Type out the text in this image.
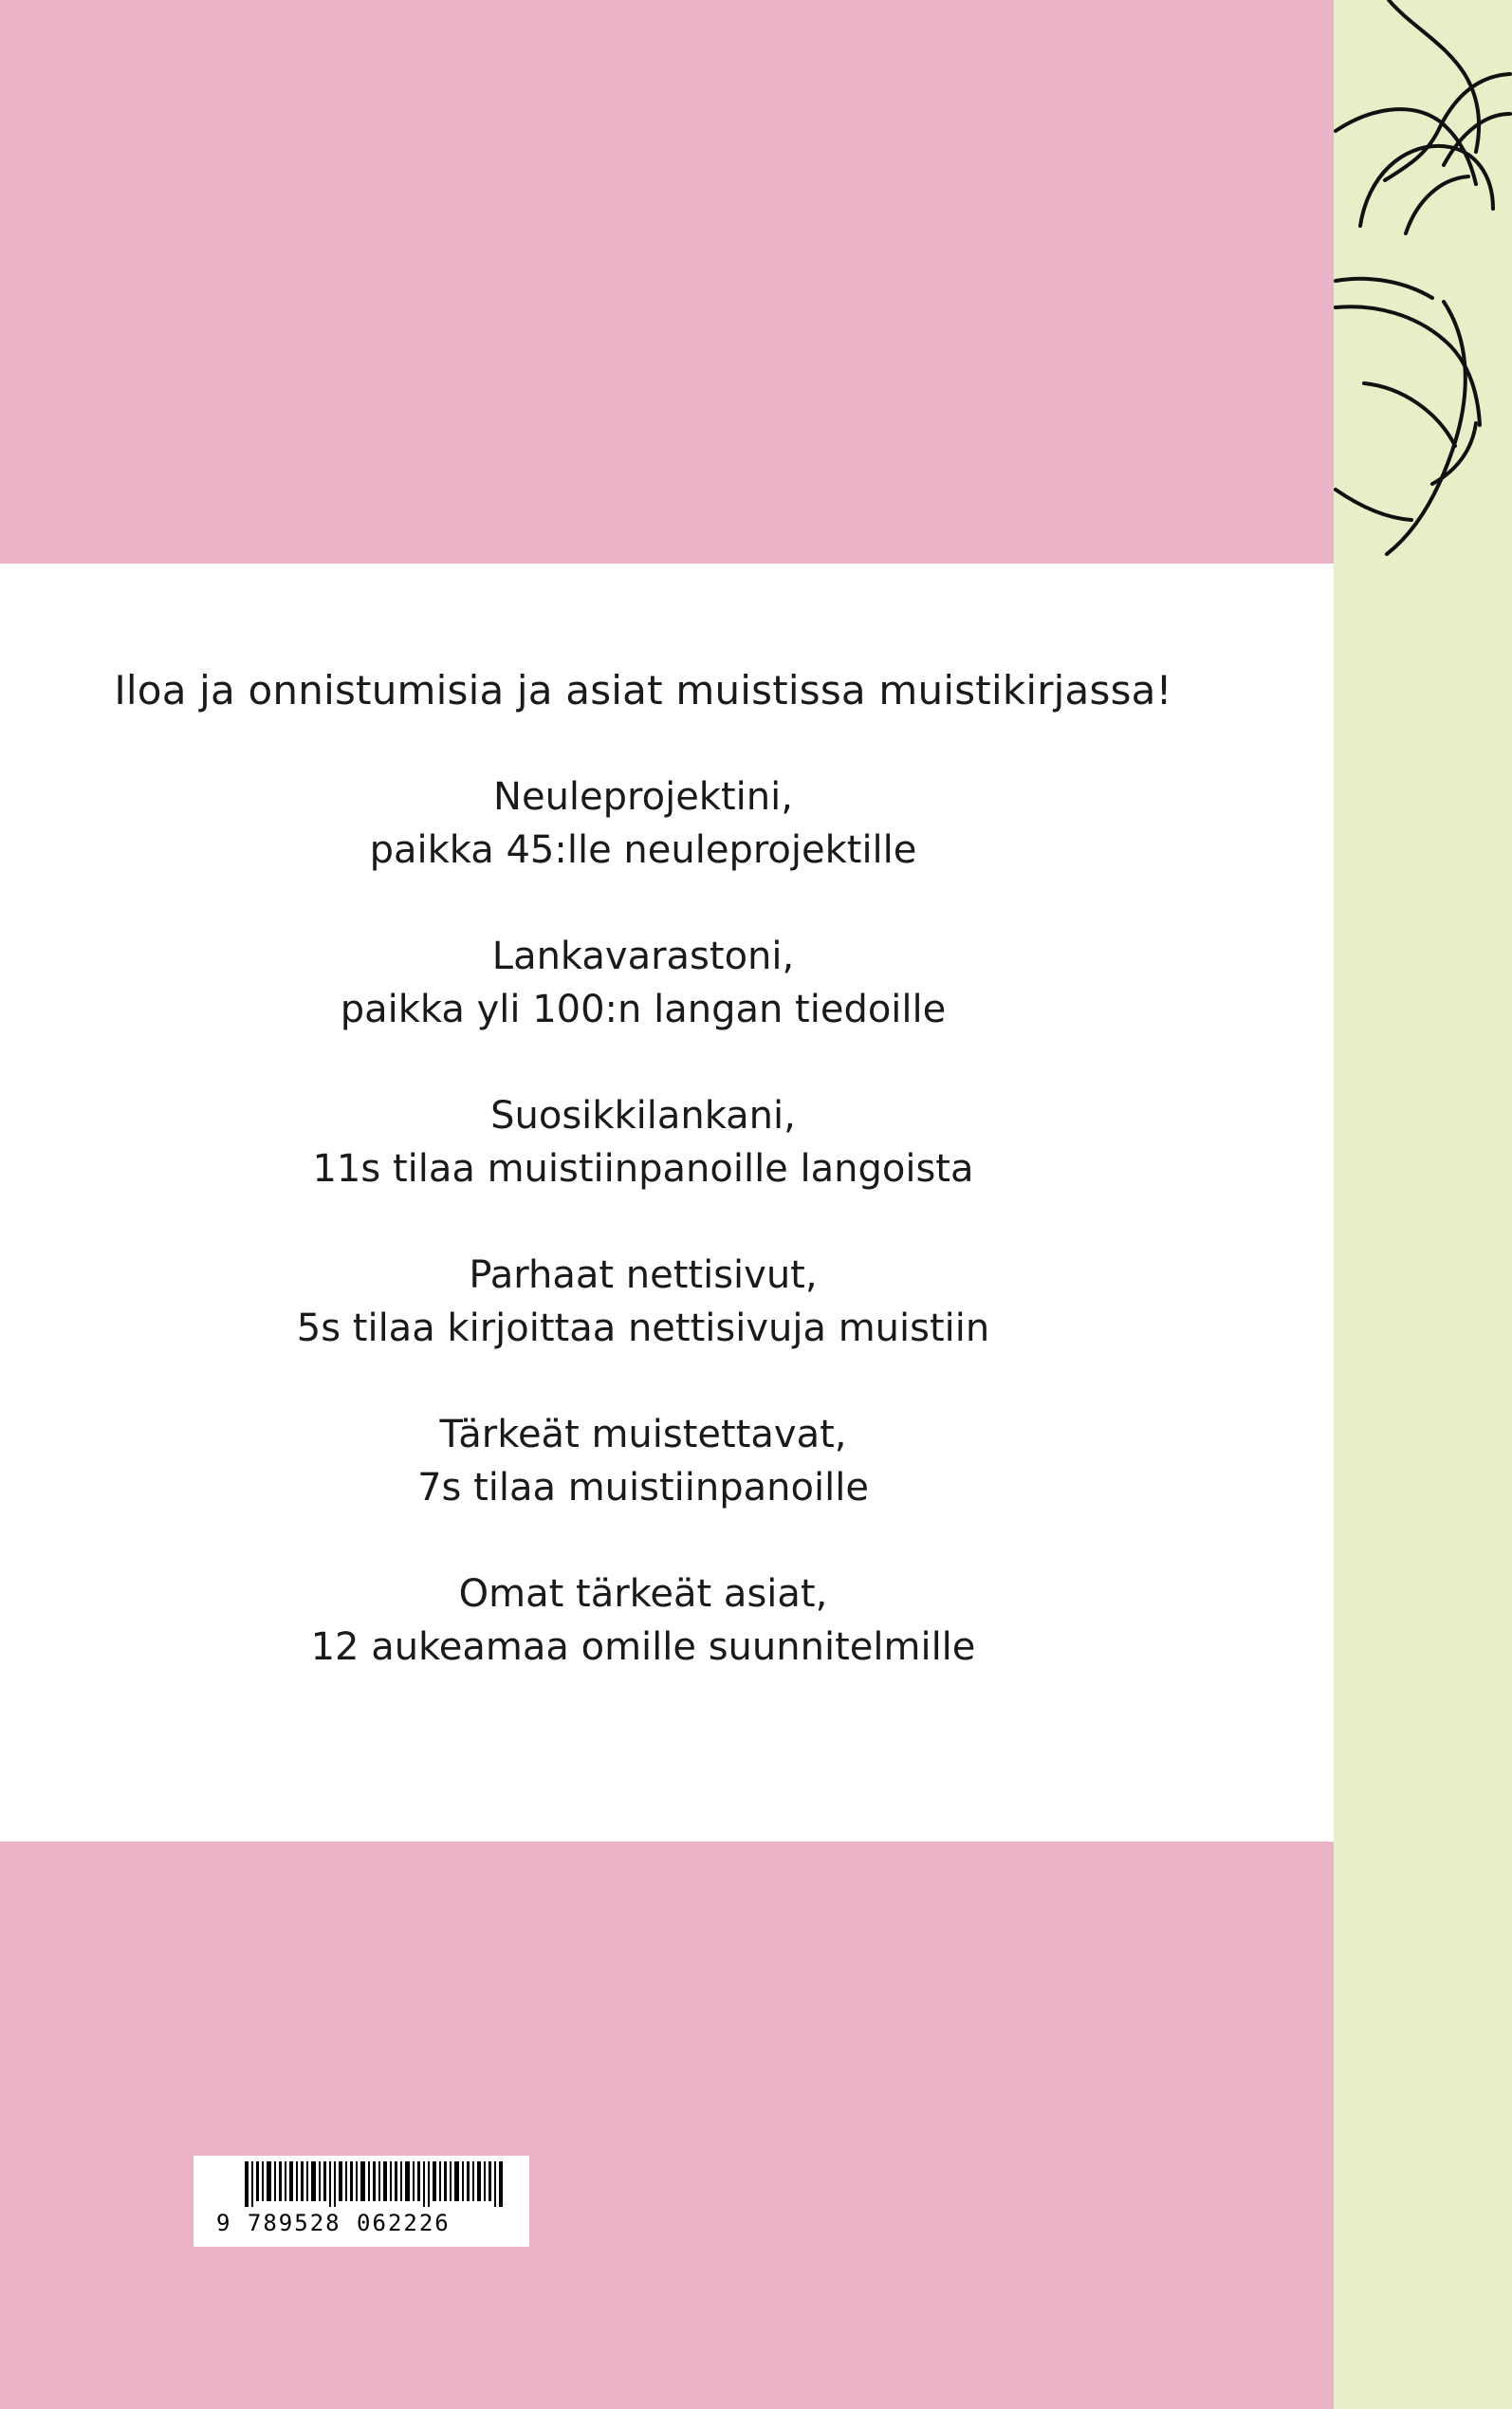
Iloa ja onnistumisia ja asiat muistissa muistikirjassa!

Neuleprojektini,
paikka 45:lle neuleprojektille
Lankavarastoni,
paikka yli 100:n langan tiedoille
Suosikkilankani,
11s tilaa muistiinpanoille langoista
Parhaat nettisivut,
5s tilaa kirjoittaa nettisivuja muistiin
Tärkeät muistettavat,
7s tilaa muistiinpanoille
Omat tärkeät asiat,
12 aukeamaa omille suunnitelmille
9 789528 062226
